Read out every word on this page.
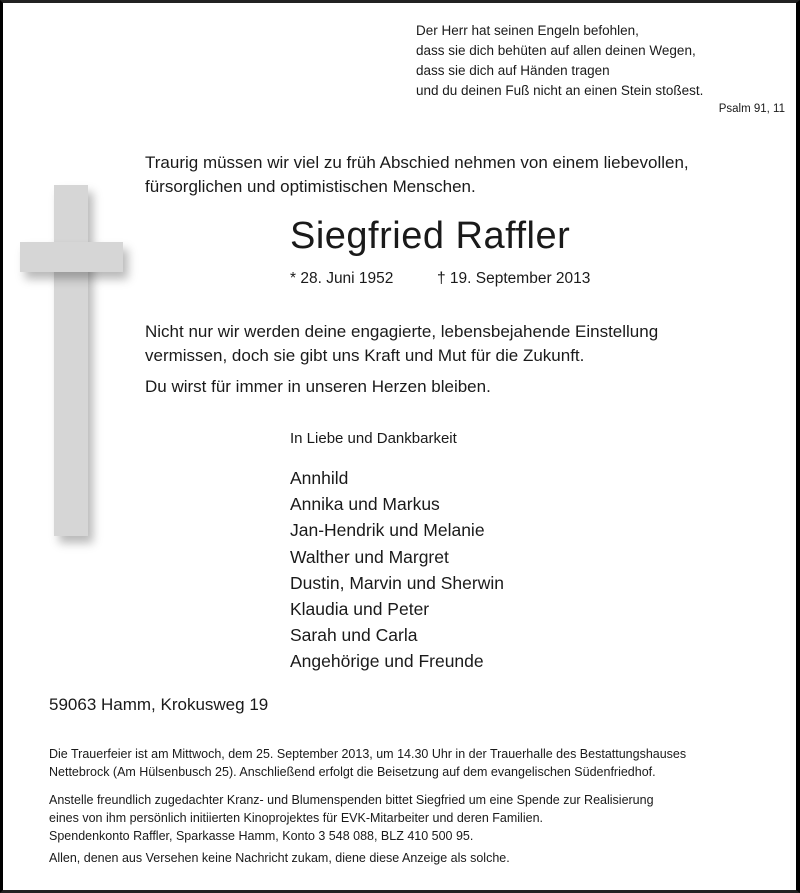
Der Herr hat seinen Engeln befohlen,
dass sie dich behüten auf allen deinen Wegen,
dass sie dich auf Händen tragen
und du deinen Fuß nicht an einen Stein stoßest.
Psalm 91, 11
Traurig müssen wir viel zu früh Abschied nehmen von einem liebevollen,
fürsorglichen und optimistischen Menschen.
Siegfried Raffler
* 28. Juni 1952	† 19. September 2013
Nicht nur wir werden deine engagierte, lebensbejahende Einstellung
vermissen, doch sie gibt uns Kraft und Mut für die Zukunft.
Du wirst für immer in unseren Herzen bleiben.
In Liebe und Dankbarkeit
Annhild
Annika und Markus
Jan-Hendrik und Melanie
Walther und Margret
Dustin, Marvin und Sherwin
Klaudia und Peter
Sarah und Carla
Angehörige und Freunde
59063 Hamm, Krokusweg 19
Die Trauerfeier ist am Mittwoch, dem 25. September 2013, um 14.30 Uhr in der Trauerhalle des Bestattungshauses
Nettebrock (Am Hülsenbusch 25). Anschließend erfolgt die Beisetzung auf dem evangelischen Südenfriedhof.
Anstelle freundlich zugedachter Kranz- und Blumenspenden bittet Siegfried um eine Spende zur Realisierung
eines von ihm persönlich initiierten Kinoprojektes für EVK-Mitarbeiter und deren Familien.
Spendenkonto Raffler, Sparkasse Hamm, Konto 3 548 088, BLZ 410 500 95.
Allen, denen aus Versehen keine Nachricht zukam, diene diese Anzeige als solche.
